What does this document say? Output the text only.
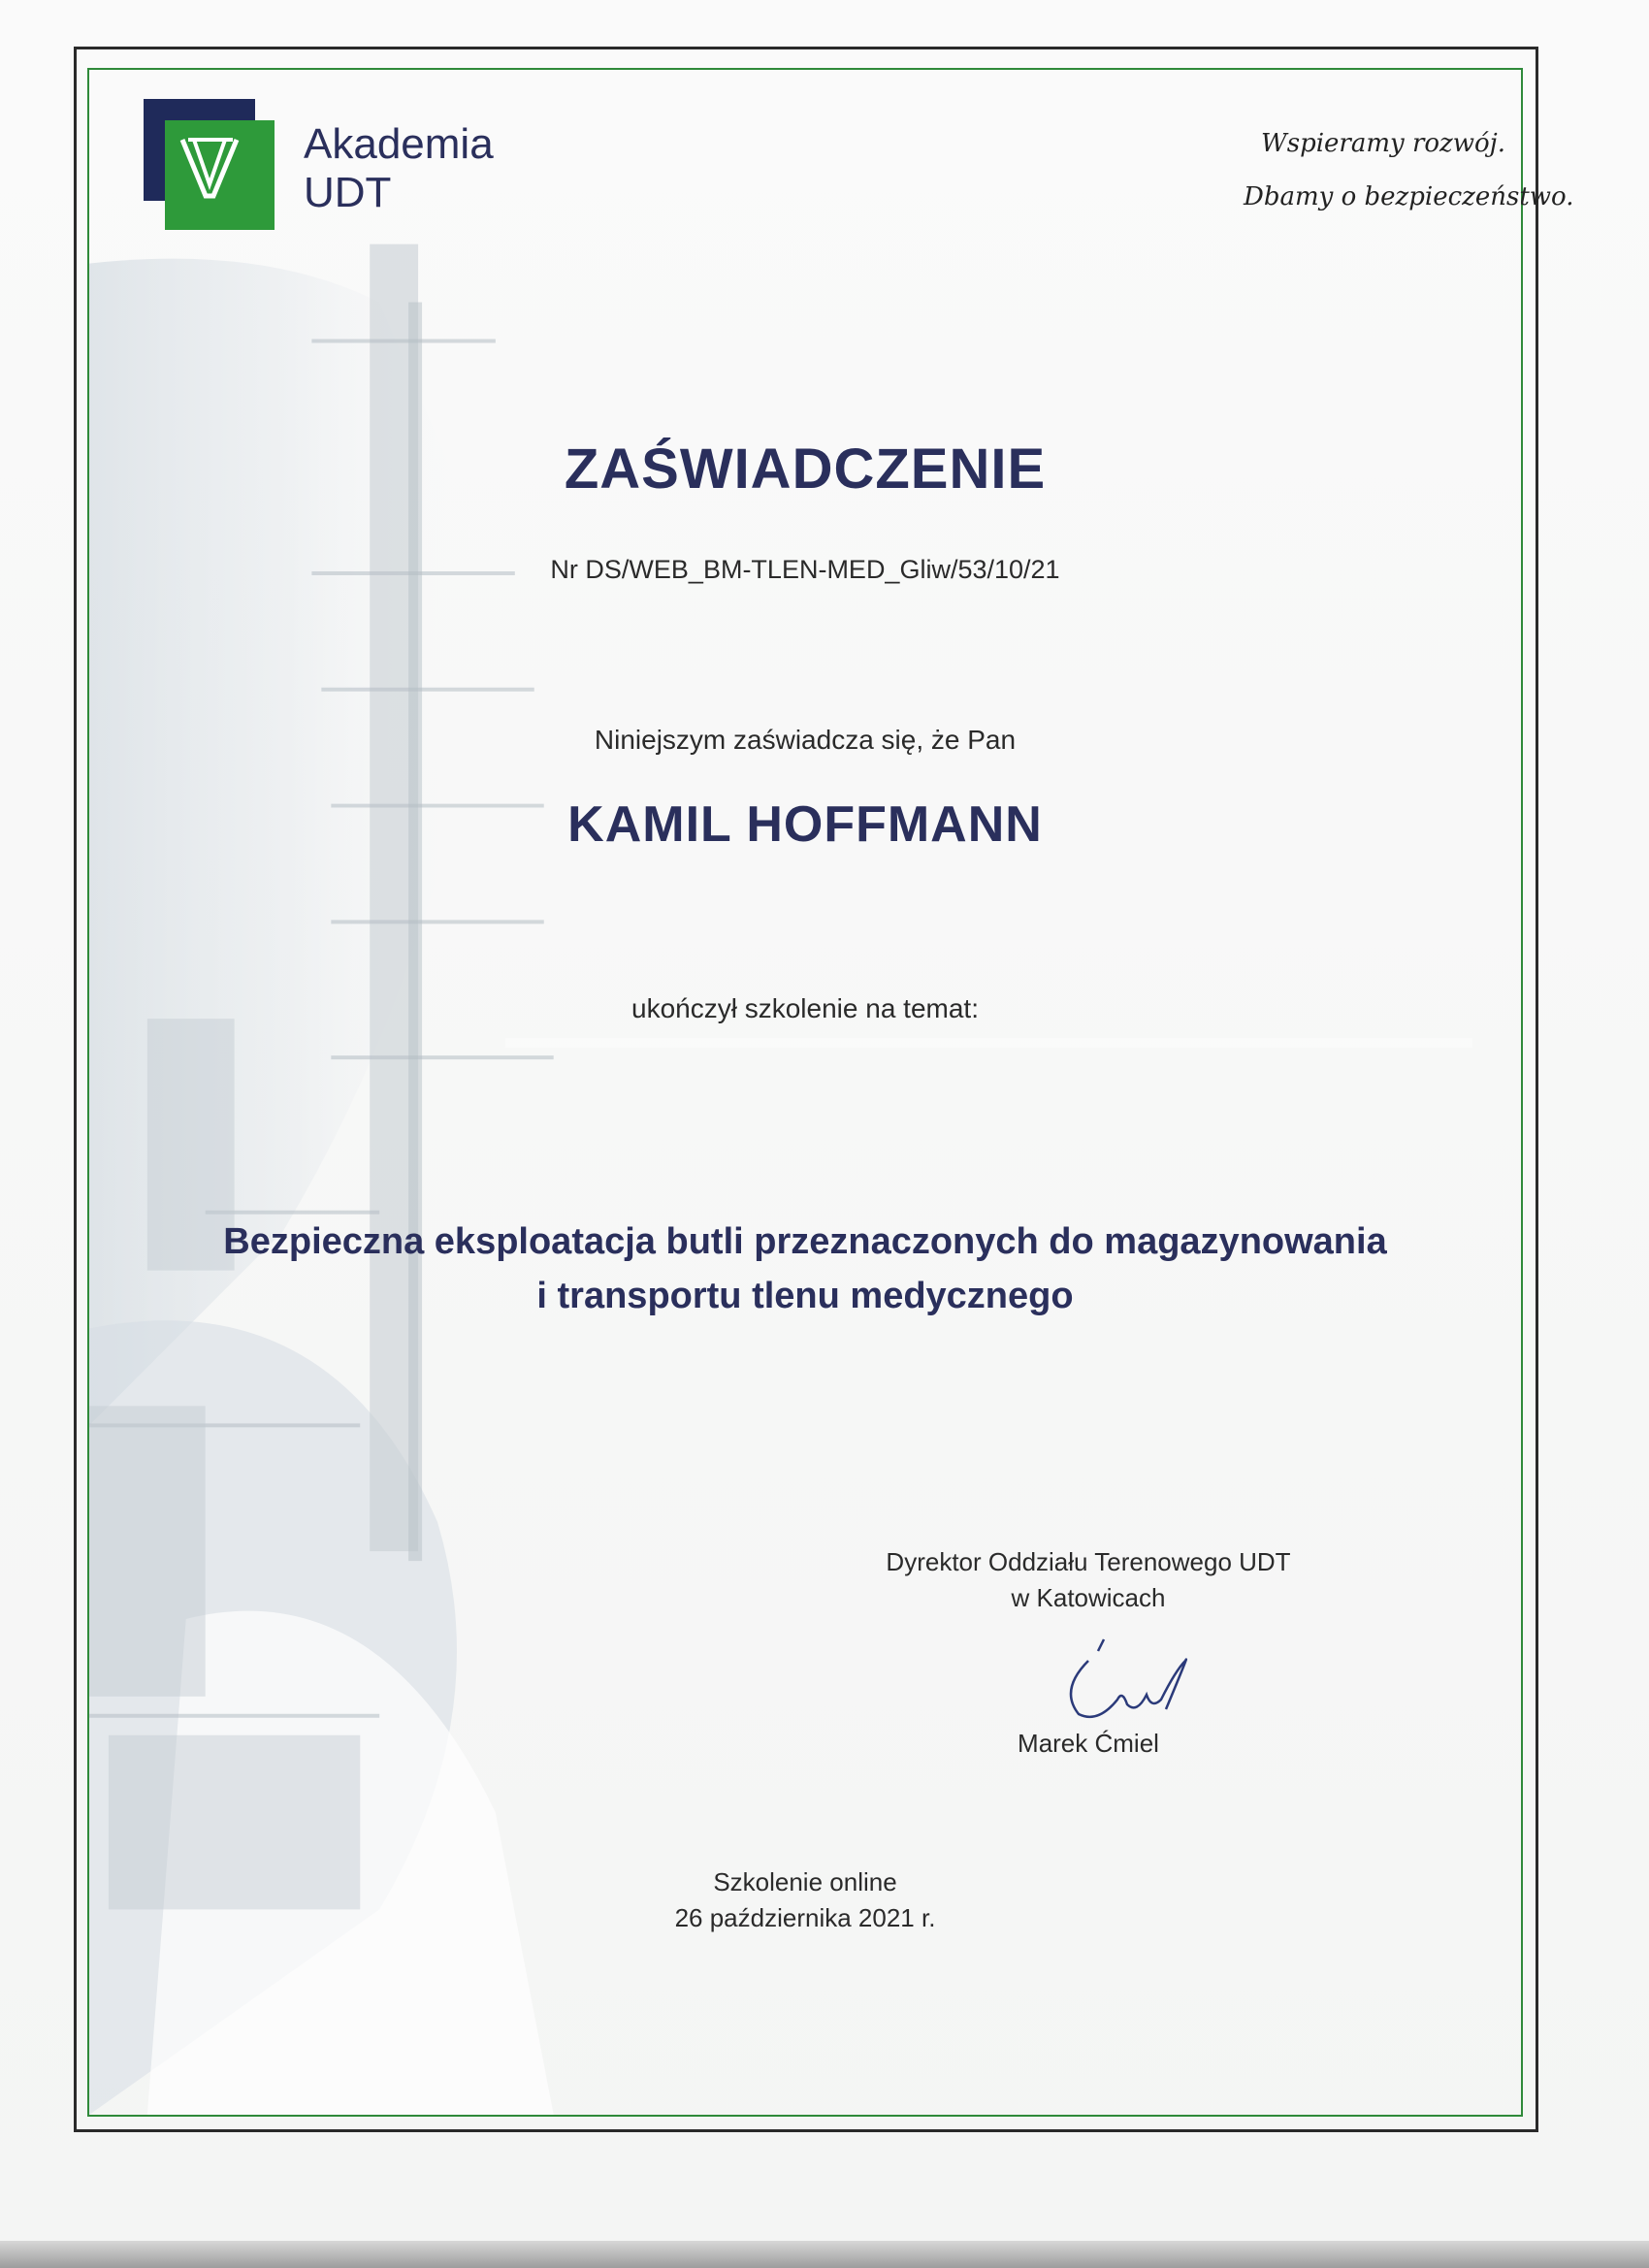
Akademia
UDT
Wspieramy rozwój.
Dbamy o bezpieczeństwo.
ZAŚWIADCZENIE
Nr DS/WEB_BM-TLEN-MED_Gliw/53/10/21
Niniejszym zaświadcza się, że Pan
KAMIL HOFFMANN
ukończył szkolenie na temat:
Bezpieczna eksploatacja butli przeznaczonych do magazynowania
i transportu tlenu medycznego
Dyrektor Oddziału Terenowego UDT
w Katowicach
Marek Ćmiel
Szkolenie online
26 października 2021 r.
